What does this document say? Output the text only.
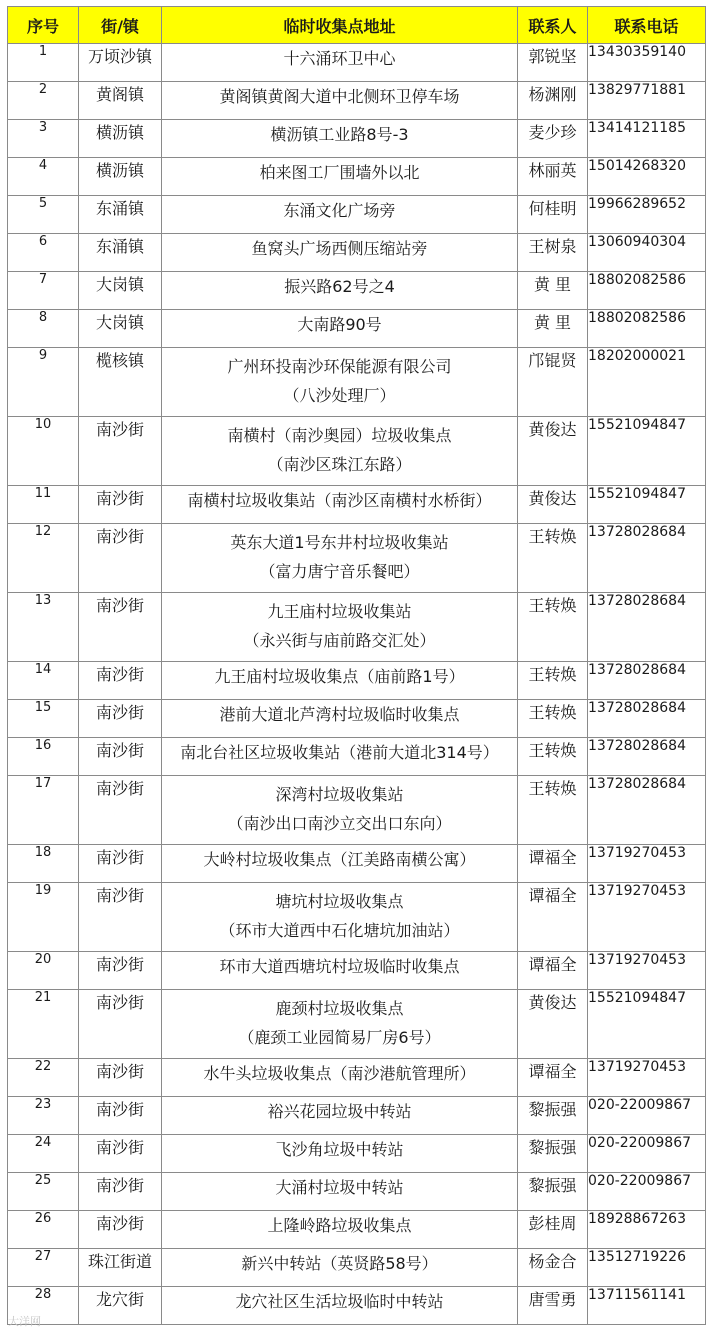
序号	街/镇	临时收集点地址	联系人	联系电话
1	万顷沙镇	十六涌环卫中心	郭锐坚	13430359140
2	黄阁镇	黄阁镇黄阁大道中北侧环卫停车场	杨渊刚	13829771881
3	横沥镇	横沥镇工业路8号-3	麦少珍	13414121185
4	横沥镇	柏来图工厂围墙外以北	林丽英	15014268320
5	东涌镇	东涌文化广场旁	何桂明	19966289652
6	东涌镇	鱼窝头广场西侧压缩站旁	王树泉	13060940304
7	大岗镇	振兴路62号之4	黄 里	18802082586
8	大岗镇	大南路90号	黄 里	18802082586
9	榄核镇	广州环投南沙环保能源有限公司
（八沙处理厂）	邝锟贤	18202000021
10	南沙街	南横村（南沙奥园）垃圾收集点
（南沙区珠江东路）	黄俊达	15521094847
11	南沙街	南横村垃圾收集站（南沙区南横村水桥街）	黄俊达	15521094847
12	南沙街	英东大道1号东井村垃圾收集站
（富力唐宁音乐餐吧）	王转焕	13728028684
13	南沙街	九王庙村垃圾收集站
（永兴街与庙前路交汇处）	王转焕	13728028684
14	南沙街	九王庙村垃圾收集点（庙前路1号）	王转焕	13728028684
15	南沙街	港前大道北芦湾村垃圾临时收集点	王转焕	13728028684
16	南沙街	南北台社区垃圾收集站（港前大道北314号）	王转焕	13728028684
17	南沙街	深湾村垃圾收集站
（南沙出口南沙立交出口东向）	王转焕	13728028684
18	南沙街	大岭村垃圾收集点（江美路南横公寓）	谭福全	13719270453
19	南沙街	塘坑村垃圾收集点
（环市大道西中石化塘坑加油站）	谭福全	13719270453
20	南沙街	环市大道西塘坑村垃圾临时收集点	谭福全	13719270453
21	南沙街	鹿颈村垃圾收集点
（鹿颈工业园简易厂房6号）	黄俊达	15521094847
22	南沙街	水牛头垃圾收集点（南沙港航管理所）	谭福全	13719270453
23	南沙街	裕兴花园垃圾中转站	黎振强	020-22009867
24	南沙街	飞沙角垃圾中转站	黎振强	020-22009867
25	南沙街	大涌村垃圾中转站	黎振强	020-22009867
26	南沙街	上隆岭路垃圾收集点	彭桂周	18928867263
27	珠江街道	新兴中转站（英贤路58号）	杨金合	13512719226
28	龙穴街	龙穴社区生活垃圾临时中转站	唐雪勇	13711561141
大洋网
